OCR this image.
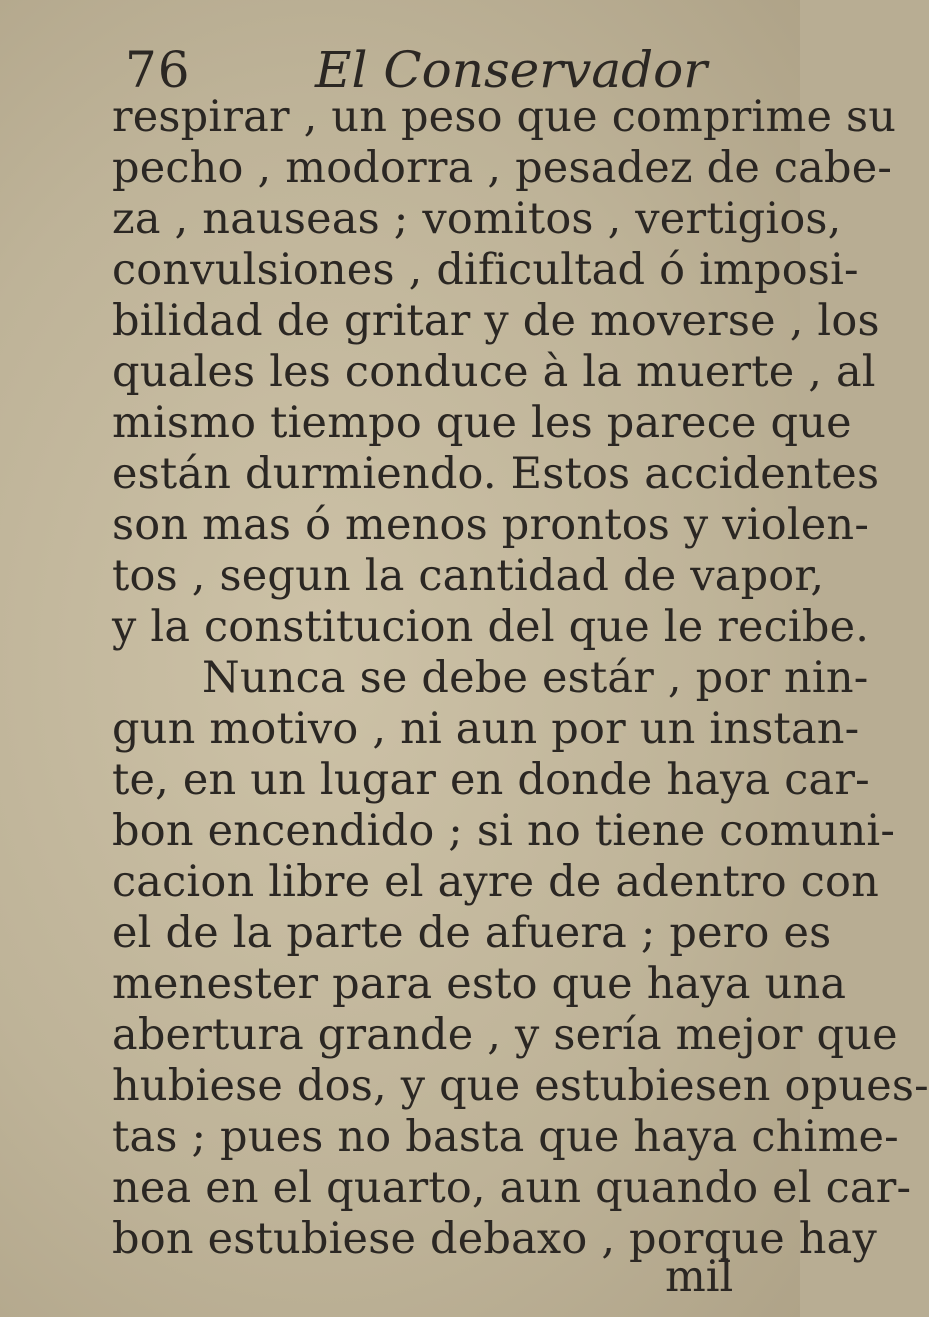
76 El Conservador
respirar , un peso que comprime su
pecho , modorra , pesadez de cabe-
za , nauseas ; vomitos , vertigios,
convulsiones , dificultad ó imposi-
bilidad de gritar y de moverse , los
quales les conduce à la muerte , al
mismo tiempo que les parece que
están durmiendo. Estos accidentes
son mas ó menos prontos y violen-
tos , segun la cantidad de vapor,
y la constitucion del que le recibe.
Nunca se debe estár , por nin-
gun motivo , ni aun por un instan-
te, en un lugar en donde haya car-
bon encendido ; si no tiene comuni-
cacion libre el ayre de adentro con
el de la parte de afuera ; pero es
menester para esto que haya una
abertura grande , y sería mejor que
hubiese dos, y que estubiesen opues-
tas ; pues no basta que haya chime-
nea en el quarto, aun quando el car-
bon estubiese debaxo , porque hay
mil
